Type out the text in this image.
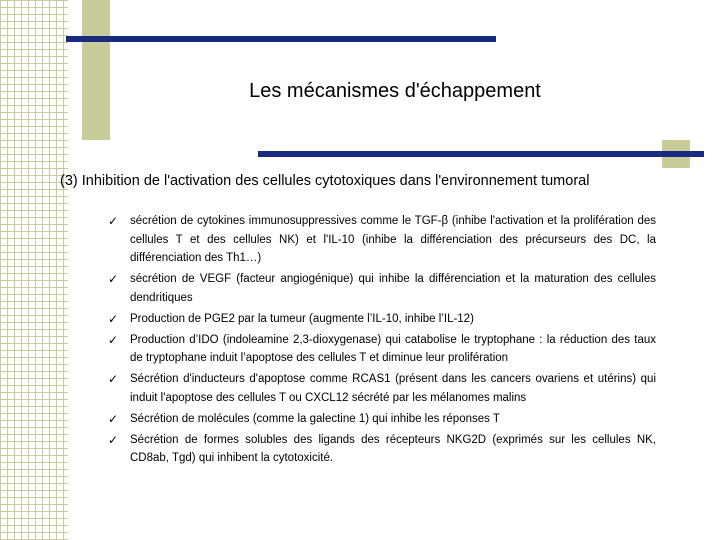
Les mécanismes d'échappement
(3) Inhibition de l'activation des cellules cytotoxiques dans l'environnement tumoral
✓ sécrétion de cytokines immunosuppressives comme le TGF-β (inhibe l'activation et la prolifération des cellules T et des cellules NK) et l'IL-10 (inhibe la différenciation des précurseurs des DC, la différenciation des Th1…)
✓ sécrétion de VEGF (facteur angiogénique) qui inhibe la différenciation et la maturation des cellules dendritiques
✓ Production de PGE2 par la tumeur (augmente l’IL-10, inhibe l’IL-12)
✓ Production d’IDO (indoleamine 2,3-dioxygenase) qui catabolise le tryptophane : la réduction des taux de tryptophane induit l’apoptose des cellules T et diminue leur prolifération
✓ Sécrétion d'inducteurs d'apoptose comme RCAS1 (présent dans les cancers ovariens et utérins) qui induit l'apoptose des cellules T ou CXCL12 sécrété par les mélanomes malins
✓ Sécrétion de molécules (comme la galectine 1) qui inhibe les réponses T
✓ Sécrétion de formes solubles des ligands des récepteurs NKG2D (exprimés sur les cellules NK, CD8ab, Tgd) qui inhibent la cytotoxicité.
